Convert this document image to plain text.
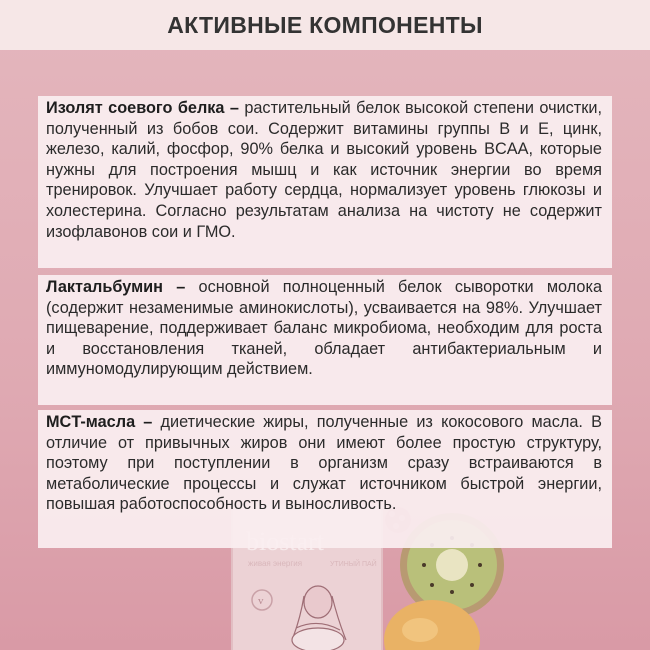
живая энергия	УТИНЫЙ ПАЙ
v
АКТИВНЫЕ КОМПОНЕНТЫ
Изолят соевого белка – растительный белок высокой степени очистки, полученный из бобов сои. Содержит витамины группы B и E, цинк, железо, калий, фосфор, 90% белка и высокий уровень BCAA, которые нужны для построения мышц и как источник энергии во время тренировок. Улучшает работу сердца, нормализует уровень глюкозы и холестерина. Согласно результатам анализа на чистоту не содержит изофлавонов сои и ГМО.
Лактальбумин – основной полноценный белок сыворотки молока (содержит незаменимые аминокислоты), усваивается на 98%. Улучшает пищеварение, поддерживает баланс микробиома, необходим для роста и восстановления тканей, обладает антибактериальным и иммуномодулирующим действием.
MCT-масла – диетические жиры, полученные из кокосового масла. В отличие от привычных жиров они имеют более простую структуру, поэтому при поступлении в организм сразу встраиваются в метаболические процессы и служат источником быстрой энергии, повышая работоспособность и выносливость.
